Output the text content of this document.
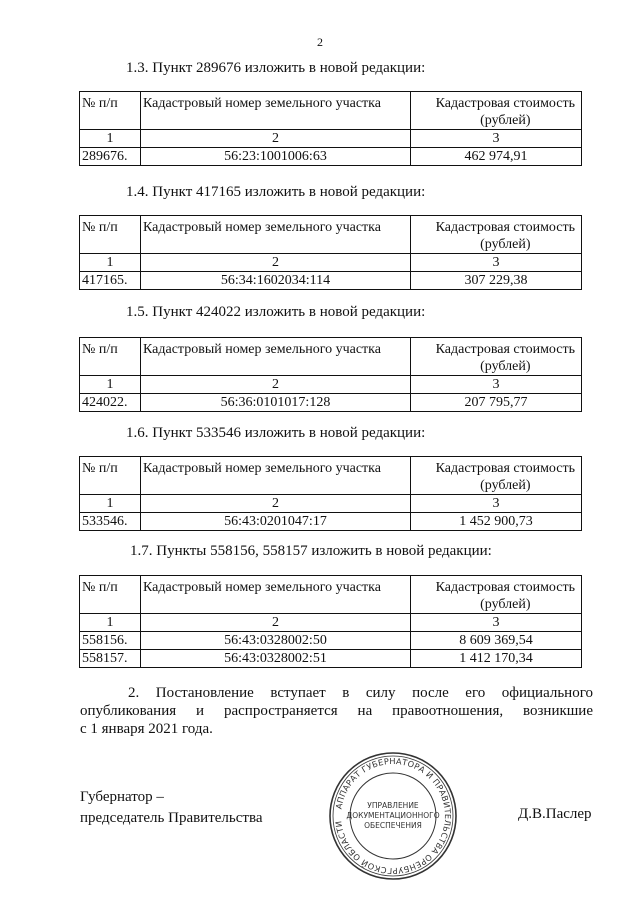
2
1.3. Пункт 289676 изложить в новой редакции:
№ п/п	Кадастровый номер земельного участка	Кадастровая стоимость
(рублей)
1	2	3
289676.	56:23:1001006:63	462 974,91
1.4. Пункт 417165 изложить в новой редакции:
№ п/п	Кадастровый номер земельного участка	Кадастровая стоимость
(рублей)
1	2	3
417165.	56:34:1602034:114	307 229,38
1.5. Пункт 424022 изложить в новой редакции:
№ п/п	Кадастровый номер земельного участка	Кадастровая стоимость
(рублей)
1	2	3
424022.	56:36:0101017:128	207 795,77
1.6. Пункт 533546 изложить в новой редакции:
№ п/п	Кадастровый номер земельного участка	Кадастровая стоимость
(рублей)
1	2	3
533546.	56:43:0201047:17	1 452 900,73
1.7. Пункты 558156, 558157 изложить в новой редакции:
№ п/п	Кадастровый номер земельного участка	Кадастровая стоимость
(рублей)
1	2	3
558156.	56:43:0328002:50	8 609 369,54
558157.	56:43:0328002:51	1 412 170,34
2. Постановление вступает в силу после его официального
опубликования и распространяется на правоотношения, возникшие
с 1 января 2021 года.
Губернатор –
председатель Правительства
АППАРАТ ГУБЕРНАТОРА И ПРАВИТЕЛЬСТВА ОРЕНБУРГСКОЙ ОБЛАСТИ
УПРАВЛЕНИЕ
ДОКУМЕНТАЦИОННОГО
ОБЕСПЕЧЕНИЯ
Д.В.Паслер
